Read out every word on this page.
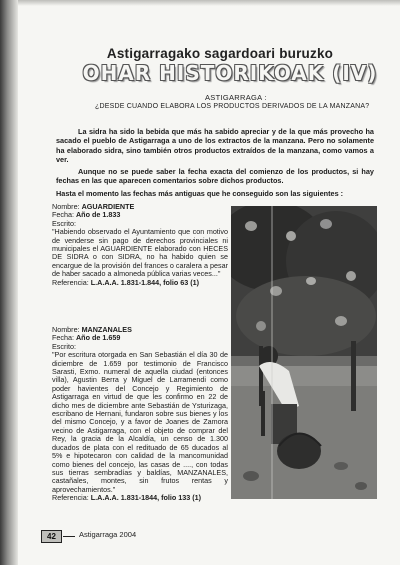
Astigarragako sagardoari buruzko
OHAR HISTORIKOAK (IV)
ASTIGARRAGA :
¿DESDE CUANDO ELABORA LOS PRODUCTOS DERIVADOS DE LA MANZANA?

La sidra ha sido la bebida que más ha sabido apreciar y de la que más provecho ha sacado el pueblo de Astigarraga a uno de los extractos de la manzana. Pero no solamente ha elaborado sidra, sino también otros productos extraídos de la manzana, como vamos a ver.

Aunque no se puede saber la fecha exacta del comienzo de los productos, si hay fechas en las que aparecen comentarios sobre dichos productos.

Hasta el momento las fechas más antiguas que he conseguido son las siguientes :

Nombre: AGUARDIENTE
Fecha: Año de 1.833
Escrito:

"Habiendo observado el Ayuntamiento que con motivo de venderse sin pago de derechos provinciales ni municipales el AGUARDIENTE elaborado con HECES DE SIDRA o con SIDRA, no ha habido quien se encargue de la provisión del frances o caralera a pesar de haber sacado a almoneda pública varias veces..."

Referencia: L.A.A.A. 1.831-1.844, folio 63 (1)
Nombre: MANZANALES
Fecha: Año de 1.659
Escrito:

"Por escritura otorgada en San Sebastián el día 30 de diciembre de 1.659 por testimonio de Francisco Sarasti, Exmo. numeral de aquella ciudad (entonces villa), Agustin Berra y Miguel de Larramendi como poder havientes del Concejo y Regimiento de Astigarraga en virtud de que les confirmo en 22 de dicho mes de diciembre ante Sebastián de Ysturizaga, escribano de Hernani, fundaron sobre sus bienes y los del mismo Concejo, y a favor de Joanes de Zamora vecino de Astigarraga, con el objeto de comprar del Rey, la gracia de la Alcaldía, un censo de 1.300 ducados de plata con el redituado de 65 ducados al 5% e hipotecaron con calidad de la mancomunidad como bienes del concejo, las casas de ...., con todas sus tierras sembradías y baldías, MANZANALES, castañales, montes, sin frutos rentas y aprovechamientos."

Referencia: L.A.A.A. 1.831-1844, folio 133 (1)
42	Astigarraga 2004
